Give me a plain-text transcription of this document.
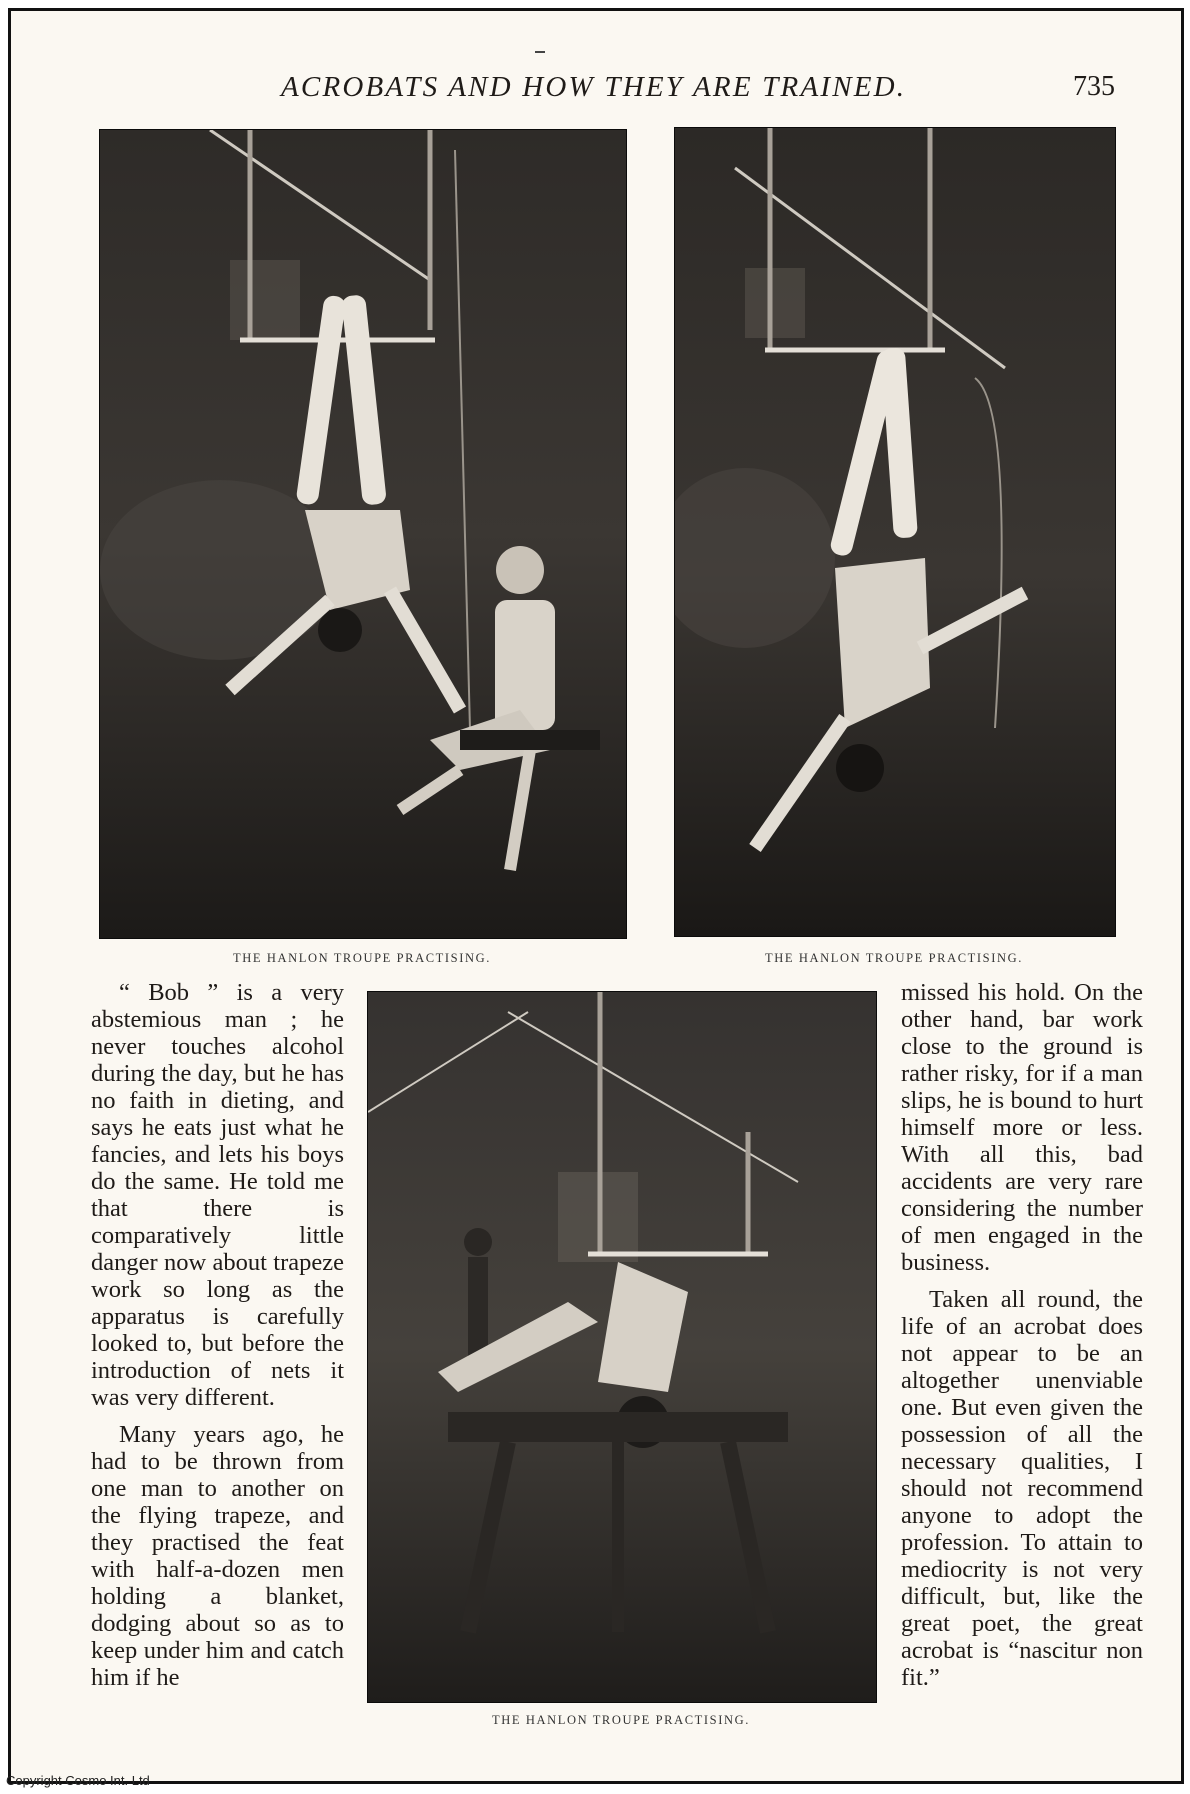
ACROBATS AND HOW THEY ARE TRAINED.	735
THE HANLON TROUPE PRACTISING.	THE HANLON TROUPE PRACTISING.
THE HANLON TROUPE PRACTISING.

“ Bob ” is a very abstemious man ; he never touches alcohol during the day, but he has no faith in dieting, and says he eats just what he fancies, and lets his boys do the same. He told me that there is comparatively little danger now about trapeze work so long as the apparatus is carefully looked to, but before the introduction of nets it was very different.

Many years ago, he had to be thrown from one man to another on the flying trapeze, and they practised the feat with half-a-dozen men holding a blanket, dodging about so as to keep under him and catch him if he

missed his hold. On the other hand, bar work close to the ground is rather risky, for if a man slips, he is bound to hurt himself more or less. With all this, bad accidents are very rare considering the number of men engaged in the business.

Taken all round, the life of an acrobat does not appear to be an altogether unenviable one. But even given the possession of all the necessary qualities, I should not recommend anyone to adopt the profession. To attain to mediocrity is not very difficult, but, like the great poet, the great acrobat is “nascitur non fit.”

Copyright Cosmo Int. Ltd
